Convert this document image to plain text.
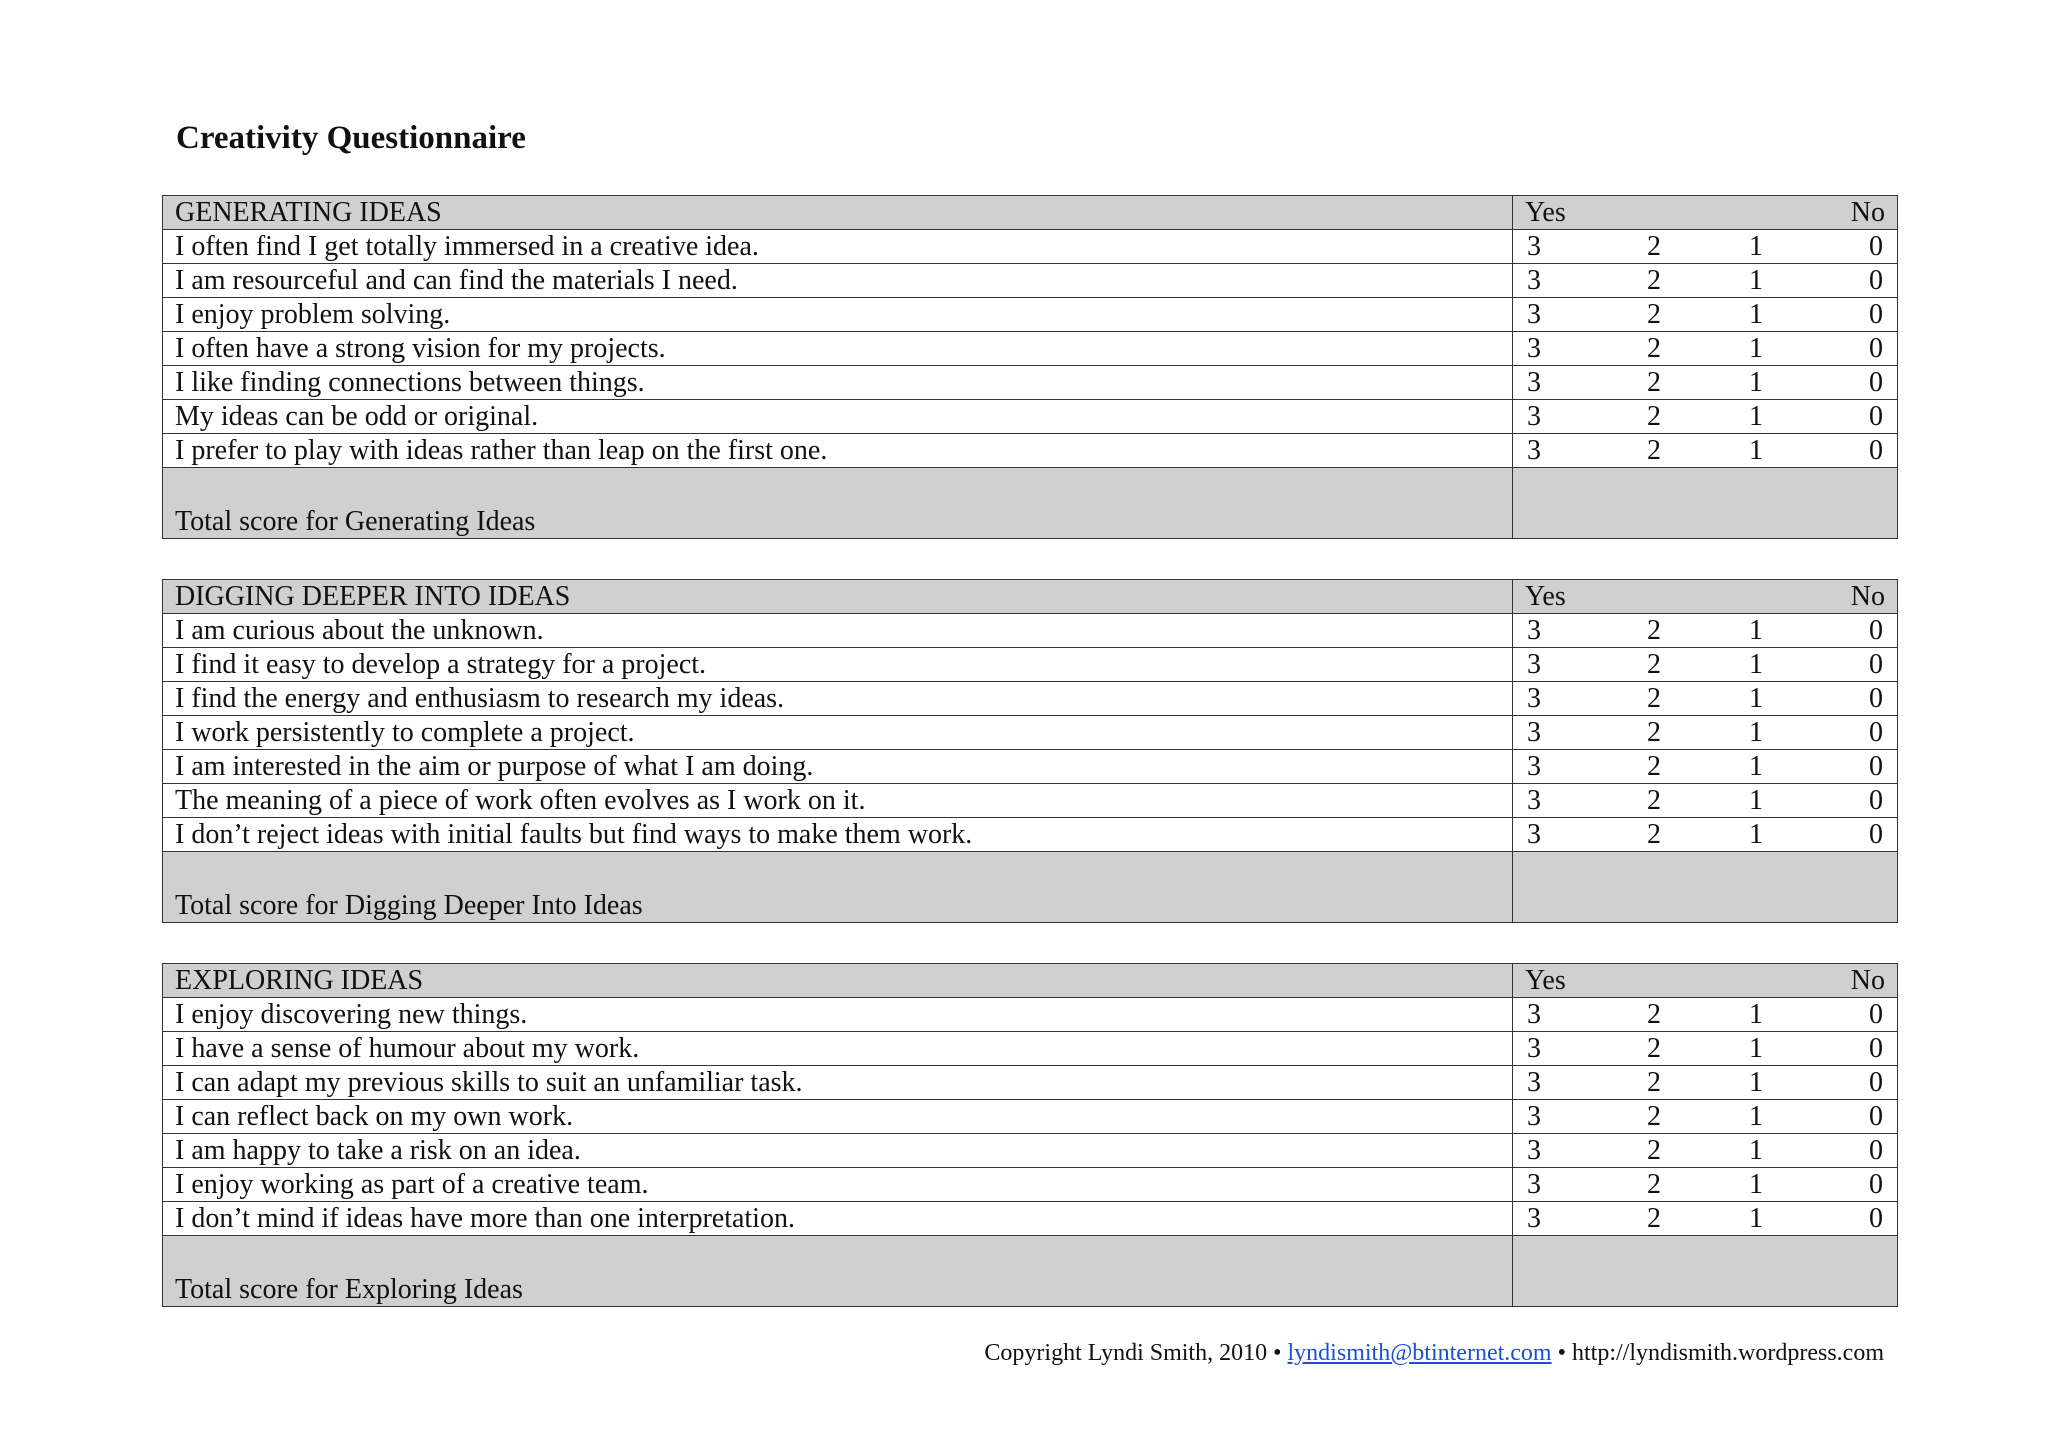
Creativity Questionnaire
GENERATING IDEAS	Yes No

I often find I get totally immersed in a creative idea.	3 2 1 0

I am resourceful and can find the materials I need.	3 2 1 0

I enjoy problem solving.	3 2 1 0

I often have a strong vision for my projects.	3 2 1 0

I like finding connections between things.	3 2 1 0

My ideas can be odd or original.	3 2 1 0

I prefer to play with ideas rather than leap on the first one.	3 2 1 0

Total score for Generating Ideas	
DIGGING DEEPER INTO IDEAS	Yes No

I am curious about the unknown.	3 2 1 0

I find it easy to develop a strategy for a project.	3 2 1 0

I find the energy and enthusiasm to research my ideas.	3 2 1 0

I work persistently to complete a project.	3 2 1 0

I am interested in the aim or purpose of what I am doing.	3 2 1 0

The meaning of a piece of work often evolves as I work on it.	3 2 1 0

I don’t reject ideas with initial faults but find ways to make them work.	3 2 1 0

Total score for Digging Deeper Into Ideas	
EXPLORING IDEAS	Yes No

I enjoy discovering new things.	3 2 1 0

I have a sense of humour about my work.	3 2 1 0

I can adapt my previous skills to suit an unfamiliar task.	3 2 1 0

I can reflect back on my own work.	3 2 1 0

I am happy to take a risk on an idea.	3 2 1 0

I enjoy working as part of a creative team.	3 2 1 0

I don’t mind if ideas have more than one interpretation.	3 2 1 0

Total score for Exploring Ideas	
Copyright Lyndi Smith, 2010 • lyndismith@btinternet.com • http://lyndismith.wordpress.com
